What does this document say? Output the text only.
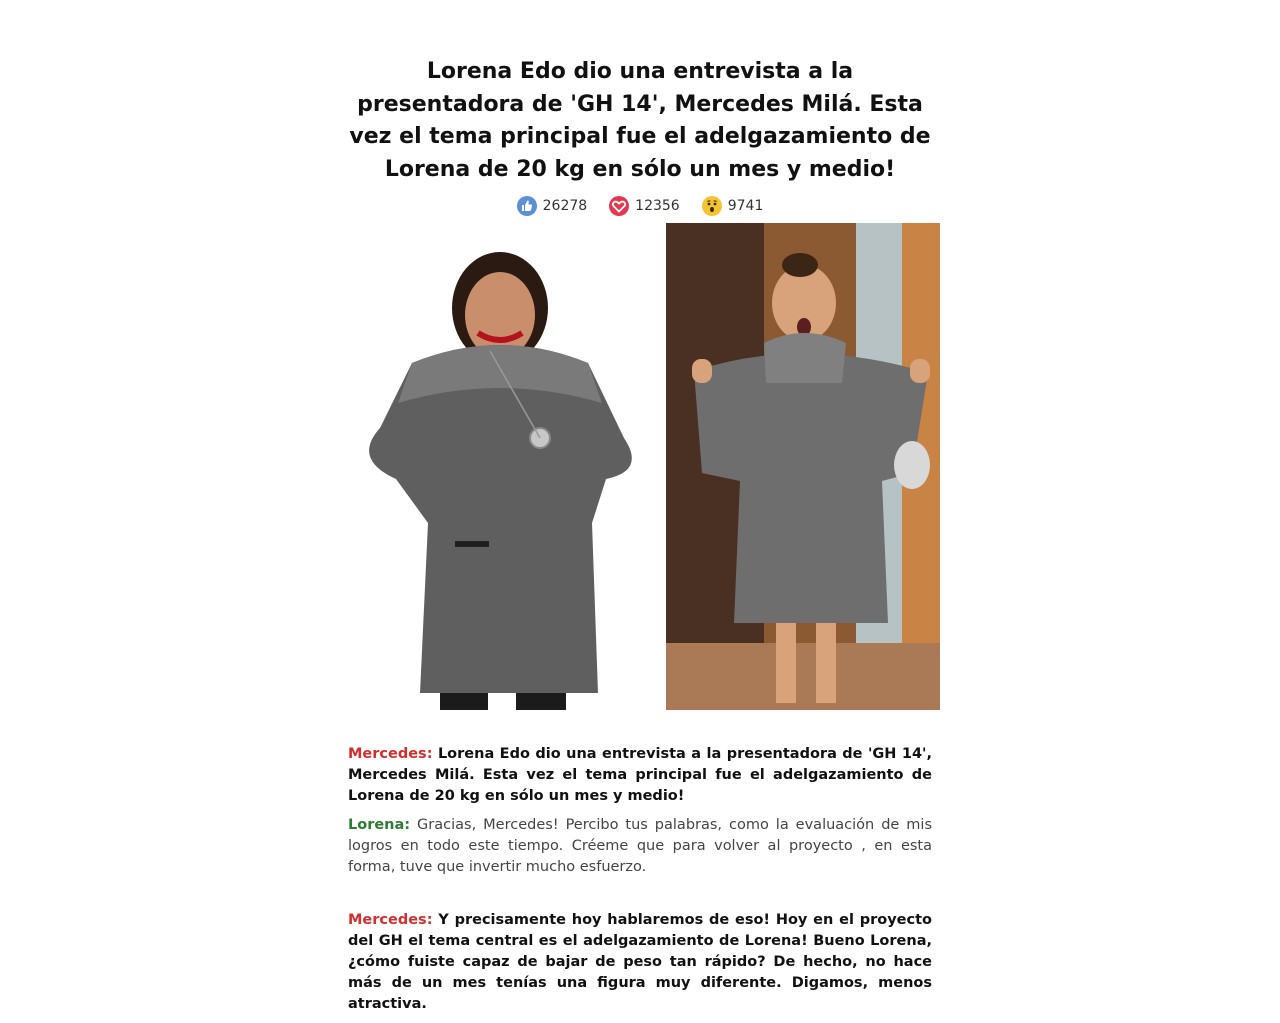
Lorena Edo dio una entrevista a la presentadora de 'GH 14', Mercedes Milá. Esta vez el tema principal fue el adelgazamiento de Lorena de 20 kg en sólo un mes y medio!
26278	12356	9741

Mercedes: Lorena Edo dio una entrevista a la presentadora de 'GH 14', Mercedes Milá. Esta vez el tema principal fue el adelgazamiento de Lorena de 20 kg en sólo un mes y medio!

Lorena: Gracias, Mercedes! Percibo tus palabras, como la evaluación de mis logros en todo este tiempo. Créeme que para volver al proyecto , en esta forma, tuve que invertir mucho esfuerzo.

Mercedes: Y precisamente hoy hablaremos de eso! Hoy en el proyecto del GH el tema central es el adelgazamiento de Lorena! Bueno Lorena, ¿cómo fuiste capaz de bajar de peso tan rápido? De hecho, no hace más de un mes tenías una figura muy diferente. Digamos, menos atractiva.
